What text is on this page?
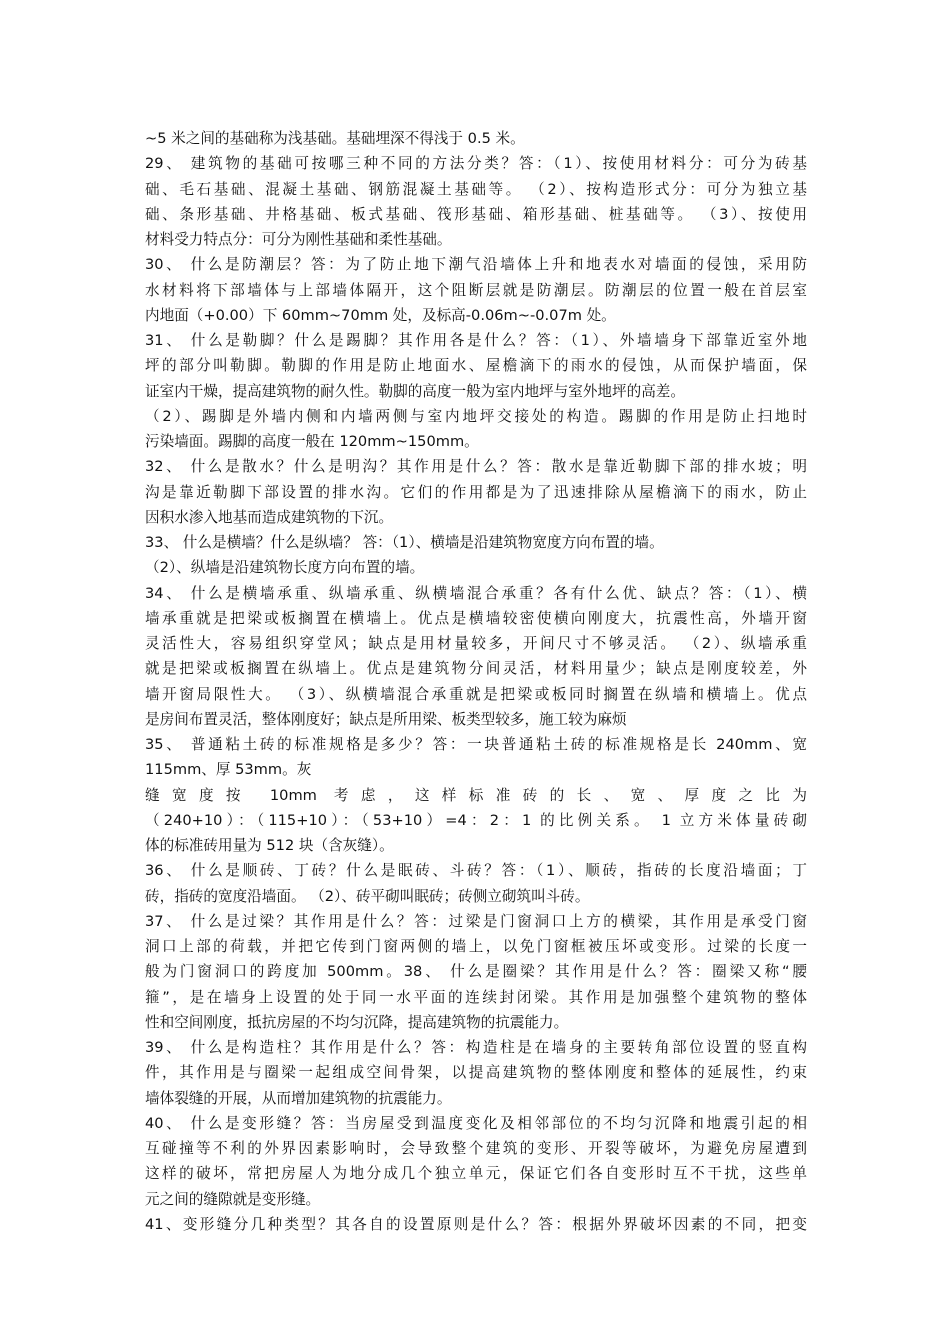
~5 米之间的基础称为浅基础。基础埋深不得浅于 0.5 米。
29、 建筑物的基础可按哪三种不同的方法分类？答：（1）、按使用材料分：可分为砖基
础、毛石基础、混凝土基础、钢筋混凝土基础等。 （2）、按构造形式分：可分为独立基
础、条形基础、井格基础、板式基础、筏形基础、箱形基础、桩基础等。 （3）、按使用
材料受力特点分：可分为刚性基础和柔性基础。
30、 什么是防潮层？答：为了防止地下潮气沿墙体上升和地表水对墙面的侵蚀，采用防
水材料将下部墙体与上部墙体隔开，这个阻断层就是防潮层。防潮层的位置一般在首层室
内地面（+0.00）下 60mm~70mm 处，及标高-0.06m~-0.07m 处。
31、 什么是勒脚？什么是踢脚？其作用各是什么？答：（1）、外墙墙身下部靠近室外地
坪的部分叫勒脚。勒脚的作用是防止地面水、屋檐滴下的雨水的侵蚀，从而保护墙面，保
证室内干燥，提高建筑物的耐久性。勒脚的高度一般为室内地坪与室外地坪的高差。
（2）、踢脚是外墙内侧和内墙两侧与室内地坪交接处的构造。踢脚的作用是防止扫地时
污染墙面。踢脚的高度一般在 120mm~150mm。
32、 什么是散水？什么是明沟？其作用是什么？答：散水是靠近勒脚下部的排水坡；明
沟是靠近勒脚下部设置的排水沟。它们的作用都是为了迅速排除从屋檐滴下的雨水，防止
因积水渗入地基而造成建筑物的下沉。
33、 什么是横墙？什么是纵墙？ 答：（1）、横墙是沿建筑物宽度方向布置的墙。
（2）、纵墙是沿建筑物长度方向布置的墙。
34、 什么是横墙承重、纵墙承重、纵横墙混合承重？各有什么优、缺点？答：（1）、横
墙承重就是把梁或板搁置在横墙上。优点是横墙较密使横向刚度大，抗震性高，外墙开窗
灵活性大，容易组织穿堂风；缺点是用材量较多，开间尺寸不够灵活。 （2）、纵墙承重
就是把梁或板搁置在纵墙上。优点是建筑物分间灵活，材料用量少；缺点是刚度较差，外
墙开窗局限性大。 （3）、纵横墙混合承重就是把梁或板同时搁置在纵墙和横墙上。优点
是房间布置灵活，整体刚度好；缺点是所用梁、板类型较多，施工较为麻烦
35、 普通粘土砖的标准规格是多少？答：一块普通粘土砖的标准规格是长 240mm、宽
115mm、厚 53mm。灰
缝宽度按 10mm 考虑，这样标准砖的长、宽、厚度之比为
（240+10）：（115+10）：（53+10）=4：2：1 的比例关系。 1 立方米体量砖砌
体的标准砖用量为 512 块（含灰缝）。
36、 什么是顺砖、丁砖？什么是眠砖、斗砖？答：（1）、顺砖，指砖的长度沿墙面；丁
砖，指砖的宽度沿墙面。 （2）、砖平砌叫眠砖；砖侧立砌筑叫斗砖。
37、 什么是过梁？其作用是什么？答：过梁是门窗洞口上方的横梁，其作用是承受门窗
洞口上部的荷载，并把它传到门窗两侧的墙上，以免门窗框被压坏或变形。过梁的长度一
般为门窗洞口的跨度加 500mm。38、 什么是圈梁？其作用是什么？答：圈梁又称“腰
箍”，是在墙身上设置的处于同一水平面的连续封闭梁。其作用是加强整个建筑物的整体
性和空间刚度，抵抗房屋的不均匀沉降，提高建筑物的抗震能力。
39、 什么是构造柱？其作用是什么？答：构造柱是在墙身的主要转角部位设置的竖直构
件，其作用是与圈梁一起组成空间骨架，以提高建筑物的整体刚度和整体的延展性，约束
墙体裂缝的开展，从而增加建筑物的抗震能力。
40、 什么是变形缝？答：当房屋受到温度变化及相邻部位的不均匀沉降和地震引起的相
互碰撞等不利的外界因素影响时，会导致整个建筑的变形、开裂等破坏，为避免房屋遭到
这样的破坏，常把房屋人为地分成几个独立单元，保证它们各自变形时互不干扰，这些单
元之间的缝隙就是变形缝。
41、变形缝分几种类型？其各自的设置原则是什么？答：根据外界破坏因素的不同，把变
